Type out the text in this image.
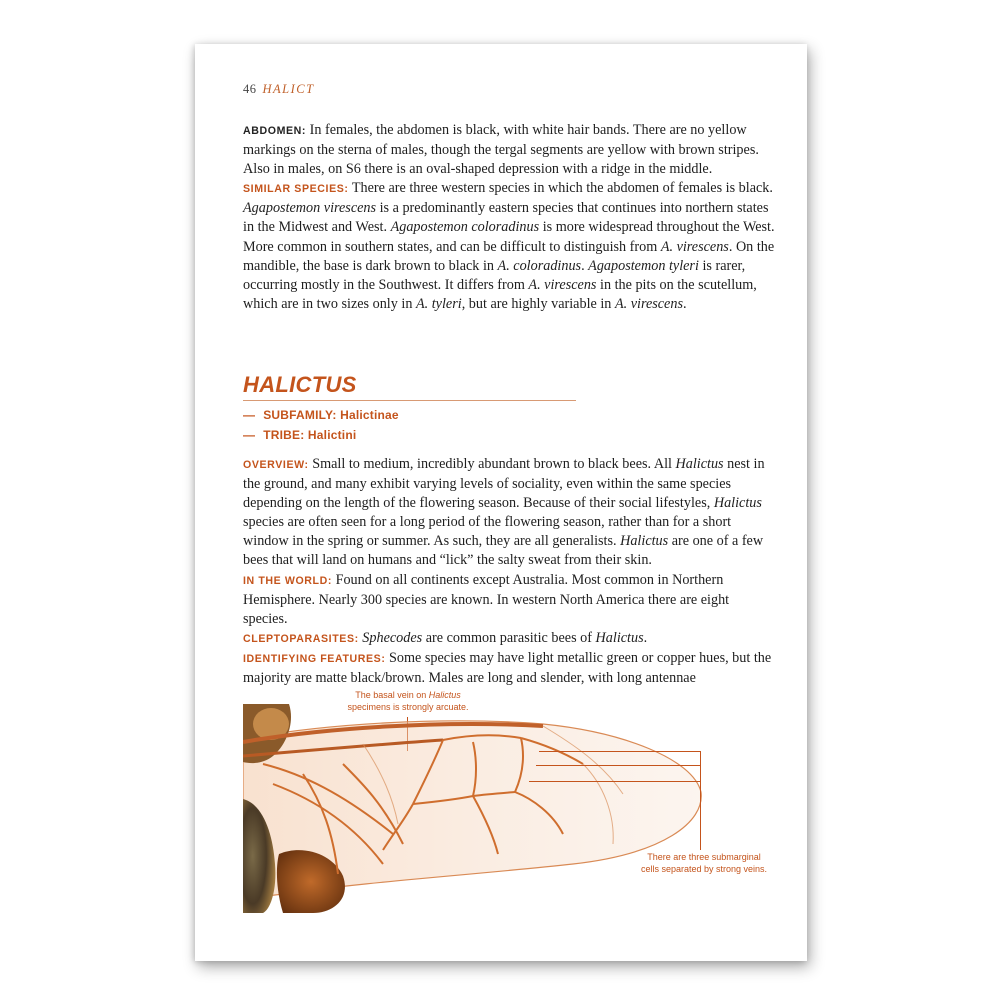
46 HALICT

ABDOMEN: In females, the abdomen is black, with white hair bands. There are no yellow markings on the sterna of males, though the tergal segments are yellow with brown stripes. Also in males, on S6 there is an oval-shaped depression with a ridge in the middle.

SIMILAR SPECIES: There are three western species in which the abdomen of females is black. Agapostemon virescens is a predominantly eastern species that continues into northern states in the Midwest and West. Agapostemon coloradinus is more widespread throughout the West. More common in southern states, and can be difficult to distinguish from A. virescens. On the mandible, the base is dark brown to black in A. coloradinus. Agapostemon tyleri is rarer, occurring mostly in the Southwest. It differs from A. virescens in the pits on the scutellum, which are in two sizes only in A. tyleri, but are highly variable in A. virescens.

HALICTUS
— SUBFAMILY: Halictinae
— TRIBE: Halictini

OVERVIEW: Small to medium, incredibly abundant brown to black bees. All Halictus nest in the ground, and many exhibit varying levels of sociality, even within the same species depending on the length of the flowering season. Because of their social lifestyles, Halictus species are often seen for a long period of the flowering season, rather than for a short window in the spring or summer. As such, they are all generalists. Halictus are one of a few bees that will land on humans and “lick” the salty sweat from their skin.

IN THE WORLD: Found on all continents except Australia. Most common in Northern Hemisphere. Nearly 300 species are known. In western North America there are eight species.

CLEPTOPARASITES: Sphecodes are common parasitic bees of Halictus.

IDENTIFYING FEATURES: Some species may have light metallic green or copper hues, but the majority are matte black/brown. Males are long and slender, with long antennae

The basal vein on Halictus
specimens is strongly arcuate.
There are three submarginal
cells separated by strong veins.
